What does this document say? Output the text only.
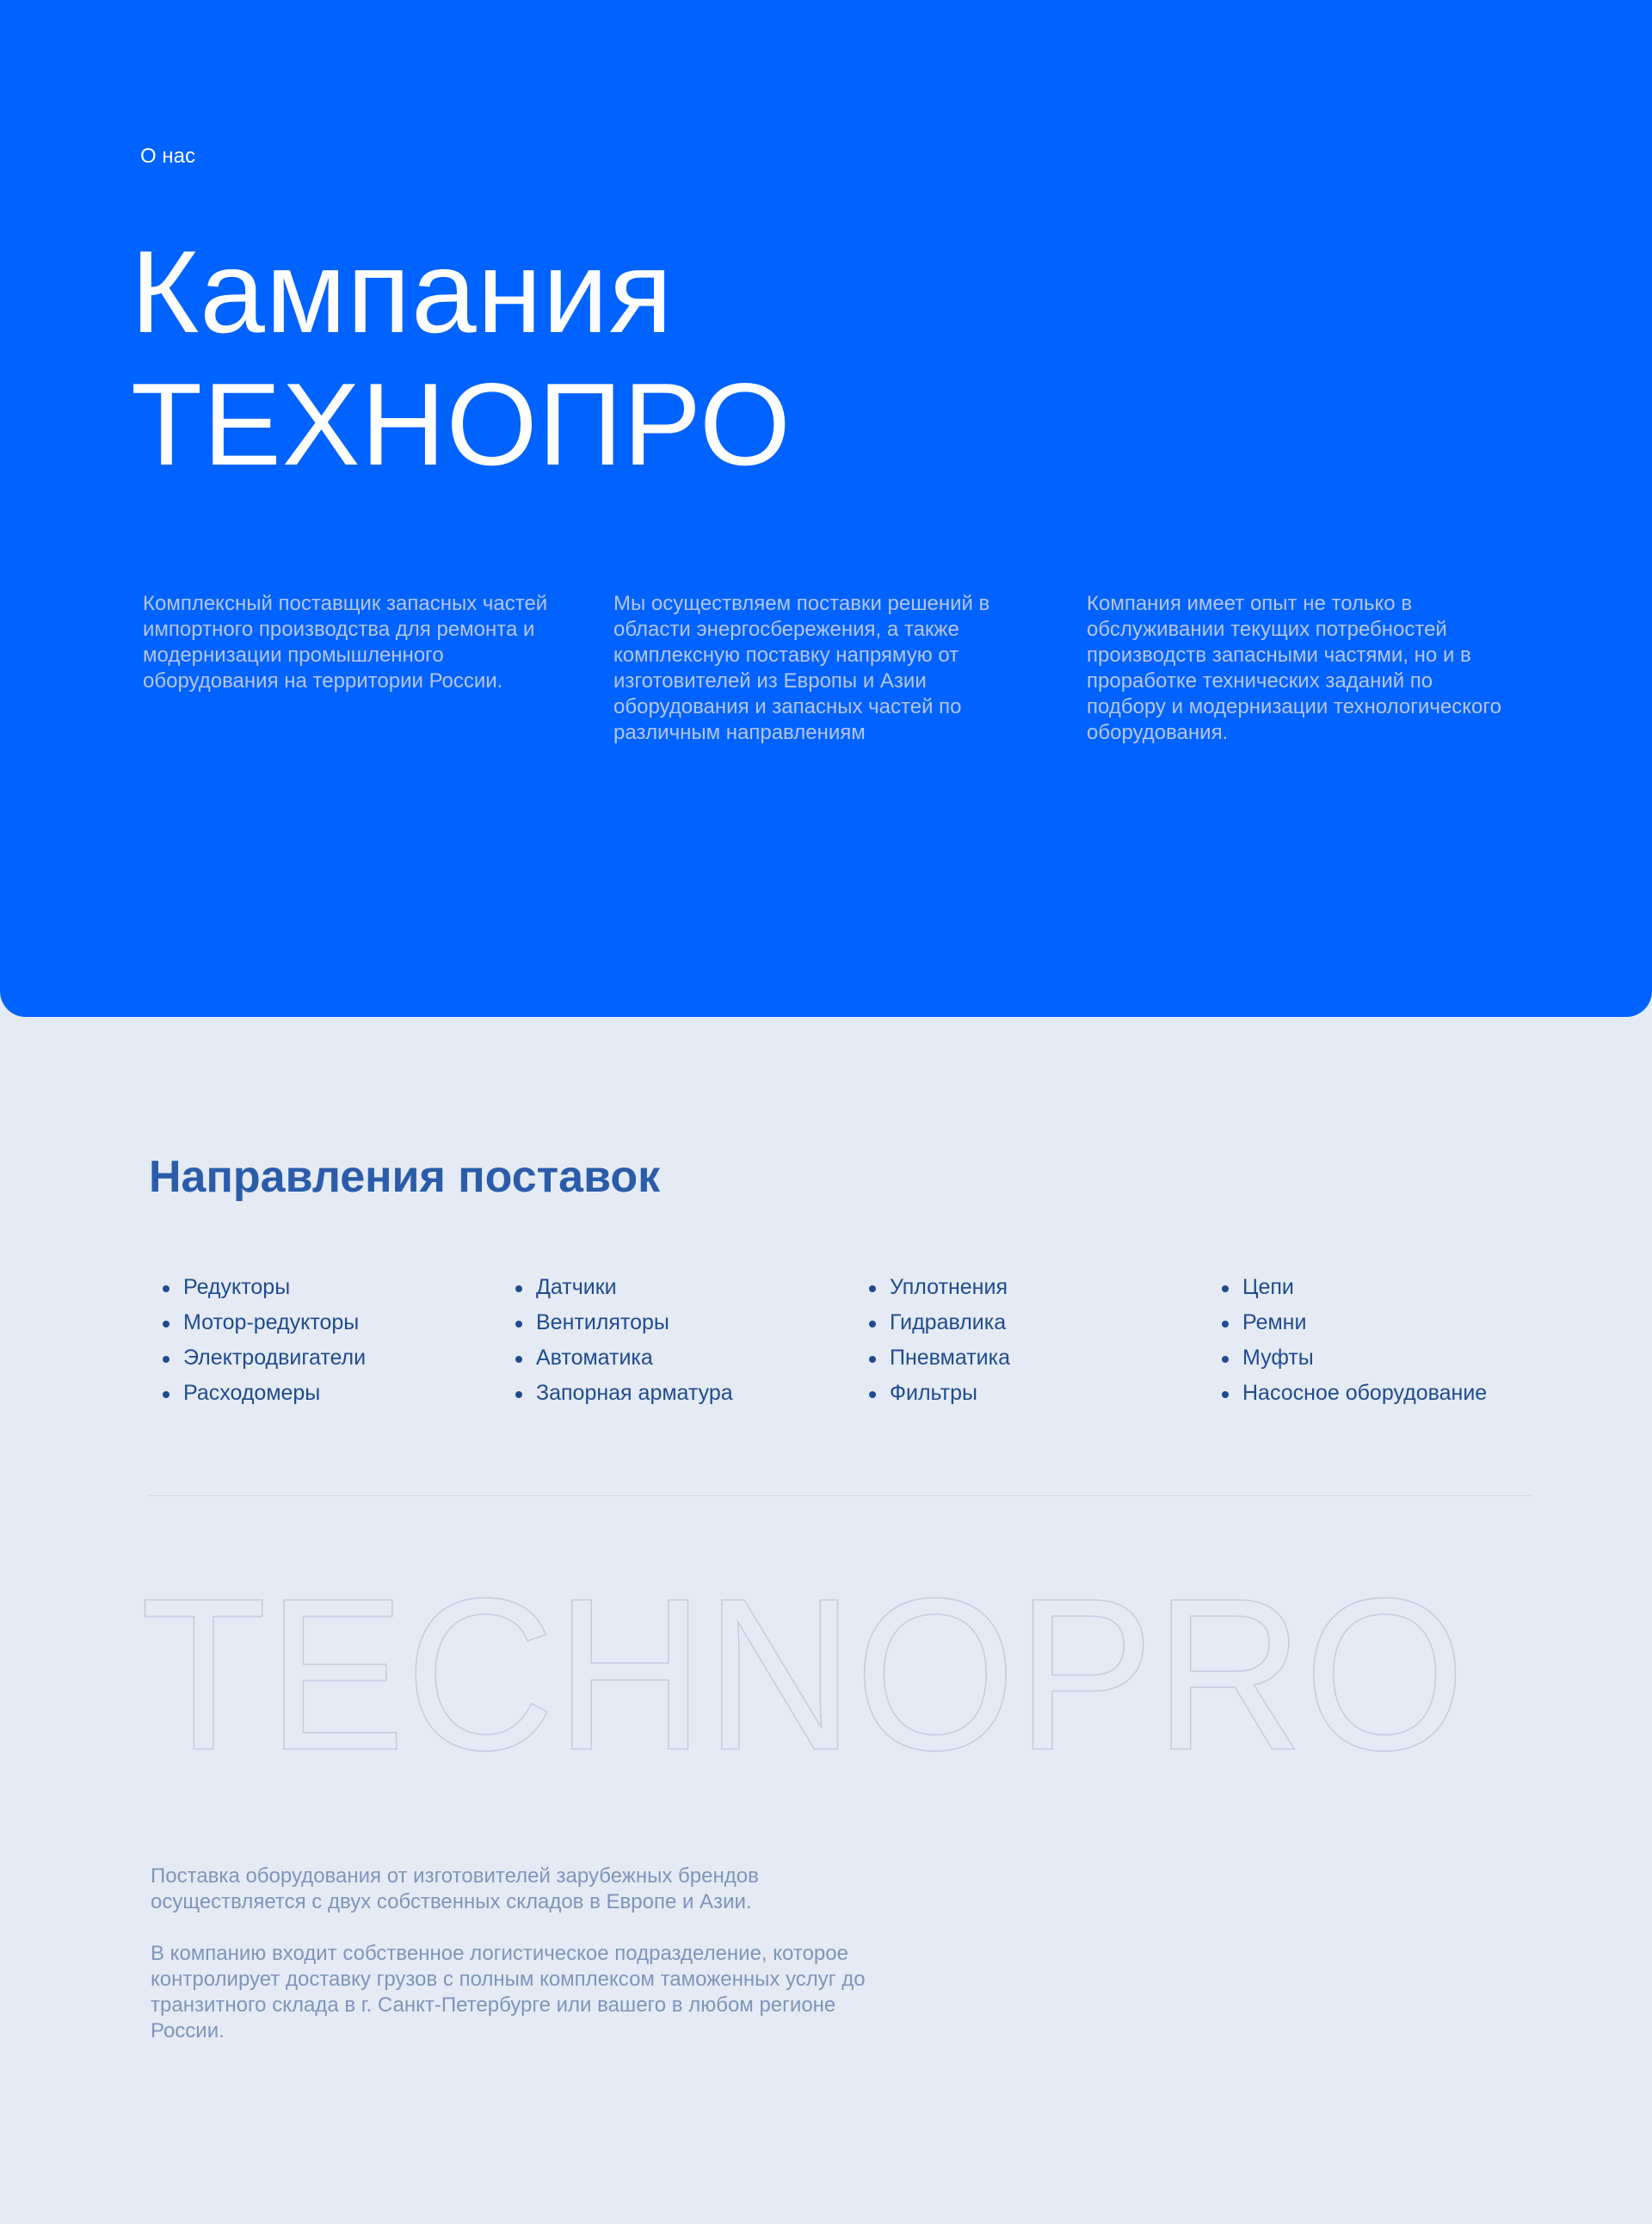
О нас

Кампания
ТЕХНОПРО

Комплексный поставщик запасных частей импортного производства для ремонта и модернизации промышленного оборудования на территории России.

Мы осуществляем поставки решений в области энергосбережения, а также комплексную поставку напрямую от изготовителей из Европы и Азии оборудования и запасных частей по различным направлениям

Компания имеет опыт не только в обслуживании текущих потребностей производств запасными частями, но и в проработке технических заданий по подбору и модернизации технологического оборудования.

Направления поставок
Редукторы
Мотор-редукторы
Электродвигатели
Расходомеры
Датчики
Вентиляторы
Автоматика
Запорная арматура
Уплотнения
Гидравлика
Пневматика
Фильтры
Цепи
Ремни
Муфты
Насосное оборудование
TECHNOPRO

Поставка оборудования от изготовителей зарубежных брендов осуществляется с двух собственных складов в Европе и Азии.

В компанию входит собственное логистическое подразделение, которое контролирует доставку грузов с полным комплексом таможенных услуг до транзитного склада в г. Санкт-Петербурге или вашего в любом регионе России.
